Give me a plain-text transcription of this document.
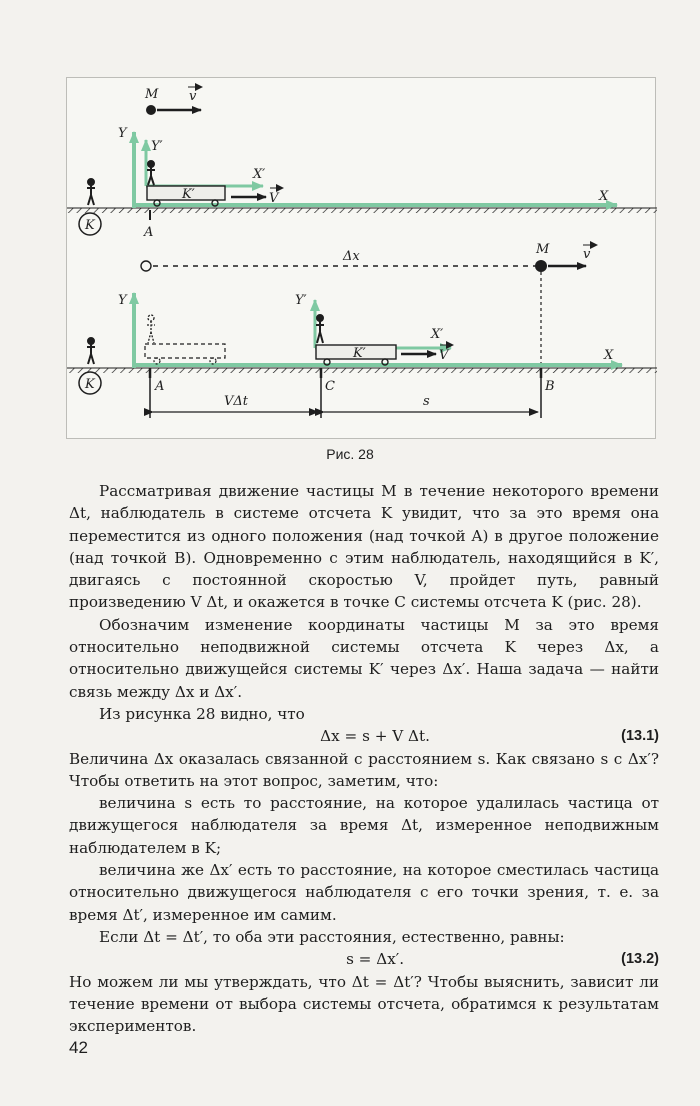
X
Y
Y′
X′
K′	V
K	A
M v
Δx	M	v
X
Y	Y′
X′
K′	V
K	A	C	B
VΔt	s
Рис. 28

Рассматривая движение частицы M в течение некоторого времени Δt, наблюдатель в системе отсчета K увидит, что за это время она переместится из одного положения (над точкой A) в другое положение (над точкой B). Одновременно с этим наблюдатель, находящийся в K′, двигаясь с постоянной скоростью V, пройдет путь, равный произведению V Δt, и окажется в точке C системы отсчета K (рис. 28).

Обозначим изменение координаты частицы M за это время относительно неподвижной системы отсчета K через Δx, а относительно движущейся системы K′ через Δx′. Наша задача — найти связь между Δx и Δx′.

Из рисунка 28 видно, что

Δx = s + V Δt.	(13.1)

Величина Δx оказалась связанной с расстоянием s. Как связано s с Δx′? Чтобы ответить на этот вопрос, заметим, что:

величина s есть то расстояние, на которое удалилась частица от движущегося наблюдателя за время Δt, измеренное неподвижным наблюдателем в K;

величина же Δx′ есть то расстояние, на которое сместилась частица относительно движущегося наблюдателя с его точки зрения, т. е. за время Δt′, измеренное им самим.

Если Δt = Δt′, то оба эти расстояния, естественно, равны:

s = Δx′.	(13.2)

Но можем ли мы утверждать, что Δt = Δt′? Чтобы выяснить, зависит ли течение времени от выбора системы отсчета, обратимся к результатам экспериментов.

42
